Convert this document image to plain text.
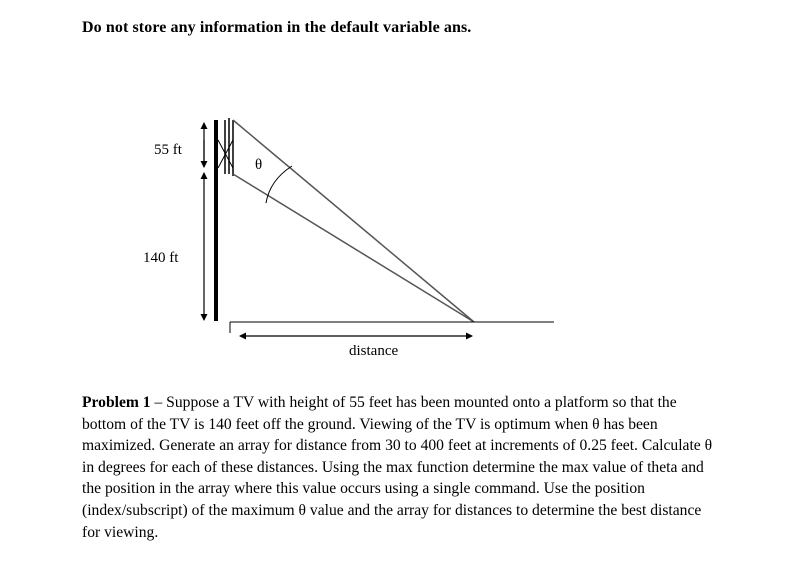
Do not store any information in the default variable ans.
55 ft
140 ft
θ
distance

Problem 1 – Suppose a TV with height of 55 feet has been mounted onto a platform so that the bottom of the TV is 140 feet off the ground. Viewing of the TV is optimum when θ has been maximized. Generate an array for distance from 30 to 400 feet at increments of 0.25 feet. Calculate θ in degrees for each of these distances. Using the max function determine the max value of theta and the position in the array where this value occurs using a single command. Use the position (index/subscript) of the maximum θ value and the array for distances to determine the best distance for viewing.
